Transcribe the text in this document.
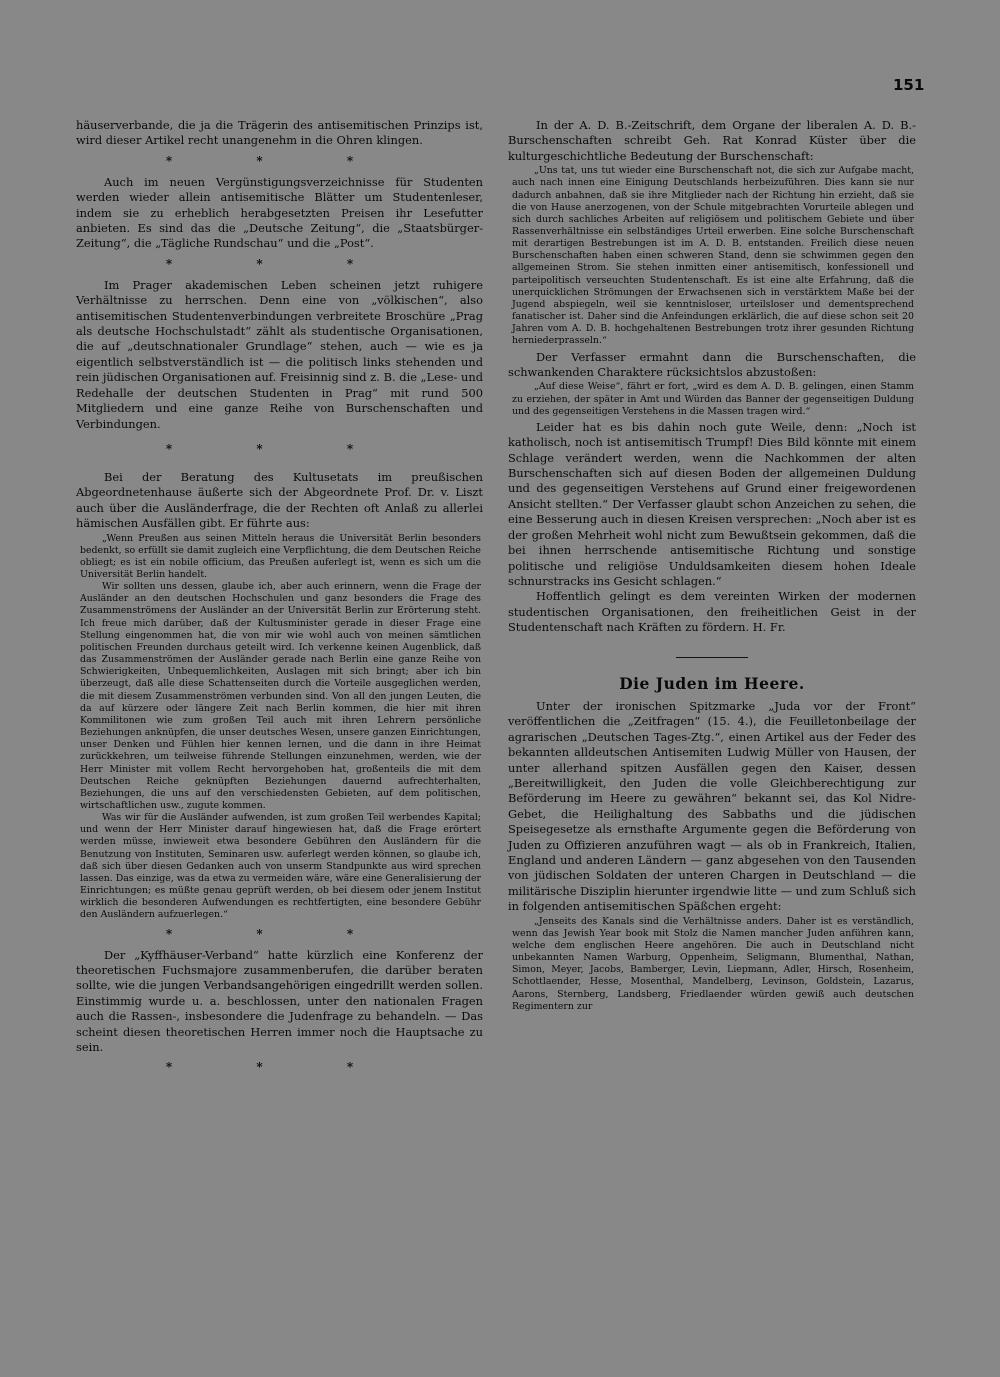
151

häuserverbande, die ja die Trägerin des antisemitischen Prinzips ist, wird dieser Artikel recht unangenehm in die Ohren klingen.

* * *

Auch im neuen Vergünstigungsverzeichnisse für Studenten werden wieder allein antisemitische Blätter um Studentenleser, indem sie zu erheblich herabgesetzten Preisen ihr Lesefutter anbieten. Es sind das die „Deutsche Zeitung“, die „Staatsbürger-Zeitung“, die „Tägliche Rundschau“ und die „Post“.

* * *

Im Prager akademischen Leben scheinen jetzt ruhigere Verhältnisse zu herrschen. Denn eine von „völkischen“, also antisemitischen Studentenverbindungen verbreitete Broschüre „Prag als deutsche Hochschulstadt“ zählt als studentische Organisationen, die auf „deutschnationaler Grundlage“ stehen, auch — wie es ja eigentlich selbstverständlich ist — die politisch links stehenden und rein jüdischen Organisationen auf. Freisinnig sind z. B. die „Lese- und Redehalle der deutschen Studenten in Prag“ mit rund 500 Mitgliedern und eine ganze Reihe von Burschenschaften und Verbindungen.

* * *

Bei der Beratung des Kultusetats im preußischen Abgeordnetenhause äußerte sich der Abgeordnete Prof. Dr. v. Liszt auch über die Ausländerfrage, die der Rechten oft Anlaß zu allerlei hämischen Ausfällen gibt. Er führte aus:

„Wenn Preußen aus seinen Mitteln heraus die Universität Berlin besonders bedenkt, so erfüllt sie damit zugleich eine Verpflichtung, die dem Deutschen Reiche obliegt; es ist ein nobile officium, das Preußen auferlegt ist, wenn es sich um die Universität Berlin handelt.

Wir sollten uns dessen, glaube ich, aber auch erinnern, wenn die Frage der Ausländer an den deutschen Hochschulen und ganz besonders die Frage des Zusammenströmens der Ausländer an der Universität Berlin zur Erörterung steht. Ich freue mich darüber, daß der Kultusminister gerade in dieser Frage eine Stellung eingenommen hat, die von mir wie wohl auch von meinen sämtlichen politischen Freunden durchaus geteilt wird. Ich verkenne keinen Augenblick, daß das Zusammenströmen der Ausländer gerade nach Berlin eine ganze Reihe von Schwierigkeiten, Unbequemlichkeiten, Auslagen mit sich bringt; aber ich bin überzeugt, daß alle diese Schattenseiten durch die Vorteile ausgeglichen werden, die mit diesem Zusammenströmen verbunden sind. Von all den jungen Leuten, die da auf kürzere oder längere Zeit nach Berlin kommen, die hier mit ihren Kommilitonen wie zum großen Teil auch mit ihren Lehrern persönliche Beziehungen anknüpfen, die unser deutsches Wesen, unsere ganzen Einrichtungen, unser Denken und Fühlen hier kennen lernen, und die dann in ihre Heimat zurückkehren, um teilweise führende Stellungen einzunehmen, werden, wie der Herr Minister mit vollem Recht hervorgehoben hat, großenteils die mit dem Deutschen Reiche geknüpften Beziehungen dauernd aufrechterhalten, Beziehungen, die uns auf den verschiedensten Gebieten, auf dem politischen, wirtschaftlichen usw., zugute kommen.

Was wir für die Ausländer aufwenden, ist zum großen Teil werbendes Kapital; und wenn der Herr Minister darauf hingewiesen hat, daß die Frage erörtert werden müsse, inwieweit etwa besondere Gebühren den Ausländern für die Benutzung von Instituten, Seminaren usw. auferlegt werden können, so glaube ich, daß sich über diesen Gedanken auch von unserm Standpunkte aus wird sprechen lassen. Das einzige, was da etwa zu vermeiden wäre, wäre eine Generalisierung der Einrichtungen; es müßte genau geprüft werden, ob bei diesem oder jenem Institut wirklich die besonderen Aufwendungen es rechtfertigten, eine besondere Gebühr den Ausländern aufzuerlegen.“

* * *

Der „Kyffhäuser-Verband“ hatte kürzlich eine Konferenz der theoretischen Fuchsmajore zusammenberufen, die darüber beraten sollte, wie die jungen Verbandsangehörigen eingedrillt werden sollen. Einstimmig wurde u. a. beschlossen, unter den nationalen Fragen auch die Rassen-, insbesondere die Judenfrage zu behandeln. — Das scheint diesen theoretischen Herren immer noch die Hauptsache zu sein.

* * *

In der A. D. B.-Zeitschrift, dem Organe der liberalen A. D. B.-Burschenschaften schreibt Geh. Rat Konrad Küster über die kulturgeschichtliche Bedeutung der Burschenschaft:

„Uns tat, uns tut wieder eine Burschenschaft not, die sich zur Aufgabe macht, auch nach innen eine Einigung Deutschlands herbeizuführen. Dies kann sie nur dadurch anbahnen, daß sie ihre Mitglieder nach der Richtung hin erzieht, daß sie die von Hause anerzogenen, von der Schule mitgebrachten Vorurteile ablegen und sich durch sachliches Arbeiten auf religiösem und politischem Gebiete und über Rassenverhältnisse ein selbständiges Urteil erwerben. Eine solche Burschenschaft mit derartigen Bestrebungen ist im A. D. B. entstanden. Freilich diese neuen Burschenschaften haben einen schweren Stand, denn sie schwimmen gegen den allgemeinen Strom. Sie stehen inmitten einer antisemitisch, konfessionell und parteipolitisch verseuchten Studentenschaft. Es ist eine alte Erfahrung, daß die unerquicklichen Strömungen der Erwachsenen sich in verstärktem Maße bei der Jugend abspiegeln, weil sie kenntnisloser, urteilsloser und dementsprechend fanatischer ist. Daher sind die Anfeindungen erklärlich, die auf diese schon seit 20 Jahren vom A. D. B. hochgehaltenen Bestrebungen trotz ihrer gesunden Richtung herniederprasseln.“

Der Verfasser ermahnt dann die Burschenschaften, die schwankenden Charaktere rücksichtslos abzustoßen:

„Auf diese Weise“, fährt er fort, „wird es dem A. D. B. gelingen, einen Stamm zu erziehen, der später in Amt und Würden das Banner der gegenseitigen Duldung und des gegenseitigen Verstehens in die Massen tragen wird.“

Leider hat es bis dahin noch gute Weile, denn: „Noch ist katholisch, noch ist antisemitisch Trumpf! Dies Bild könnte mit einem Schlage verändert werden, wenn die Nachkommen der alten Burschenschaften sich auf diesen Boden der allgemeinen Duldung und des gegenseitigen Verstehens auf Grund einer freigewordenen Ansicht stellten.“ Der Verfasser glaubt schon Anzeichen zu sehen, die eine Besserung auch in diesen Kreisen versprechen: „Noch aber ist es der großen Mehrheit wohl nicht zum Bewußtsein gekommen, daß die bei ihnen herrschende antisemitische Richtung und sonstige politische und religiöse Unduldsamkeiten diesem hohen Ideale schnurstracks ins Gesicht schlagen.“

Hoffentlich gelingt es dem vereinten Wirken der modernen studentischen Organisationen, den freiheitlichen Geist in der Studentenschaft nach Kräften zu fördern. H. Fr.

Die Juden im Heere.

Unter der ironischen Spitzmarke „Juda vor der Front“ veröffentlichen die „Zeitfragen“ (15. 4.), die Feuilletonbeilage der agrarischen „Deutschen Tages-Ztg.“, einen Artikel aus der Feder des bekannten alldeutschen Antisemiten Ludwig Müller von Hausen, der unter allerhand spitzen Ausfällen gegen den Kaiser, dessen „Bereitwilligkeit, den Juden die volle Gleichberechtigung zur Beförderung im Heere zu gewähren“ bekannt sei, das Kol Nidre-Gebet, die Heilighaltung des Sabbaths und die jüdischen Speisegesetze als ernsthafte Argumente gegen die Beförderung von Juden zu Offizieren anzuführen wagt — als ob in Frankreich, Italien, England und anderen Ländern — ganz abgesehen von den Tausenden von jüdischen Soldaten der unteren Chargen in Deutschland — die militärische Disziplin hierunter irgendwie litte — und zum Schluß sich in folgenden antisemitischen Späßchen ergeht:

„Jenseits des Kanals sind die Verhältnisse anders. Daher ist es verständlich, wenn das Jewish Year book mit Stolz die Namen mancher Juden anführen kann, welche dem englischen Heere angehören. Die auch in Deutschland nicht unbekannten Namen Warburg, Oppenheim, Seligmann, Blumenthal, Nathan, Simon, Meyer, Jacobs, Bamberger, Levin, Liepmann, Adler, Hirsch, Rosenheim, Schottlaender, Hesse, Mosenthal, Mandelberg, Levinson, Goldstein, Lazarus, Aarons, Sternberg, Landsberg, Friedlaender würden gewiß auch deutschen Regimentern zur
